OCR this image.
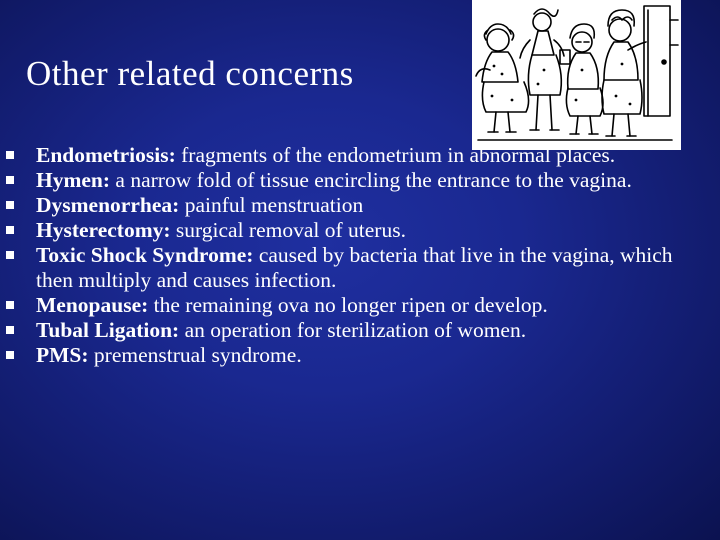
Other related concerns
Endometriosis: fragments of the endometrium in abnormal places.
Hymen: a narrow fold of tissue encircling the entrance to the vagina.
Dysmenorrhea: painful menstruation
Hysterectomy: surgical removal of uterus.
Toxic Shock Syndrome: caused by bacteria that live in the vagina, which then multiply and causes infection.
Menopause: the remaining ova no longer ripen or develop.
Tubal Ligation: an operation for sterilization of women.
PMS: premenstrual syndrome.
